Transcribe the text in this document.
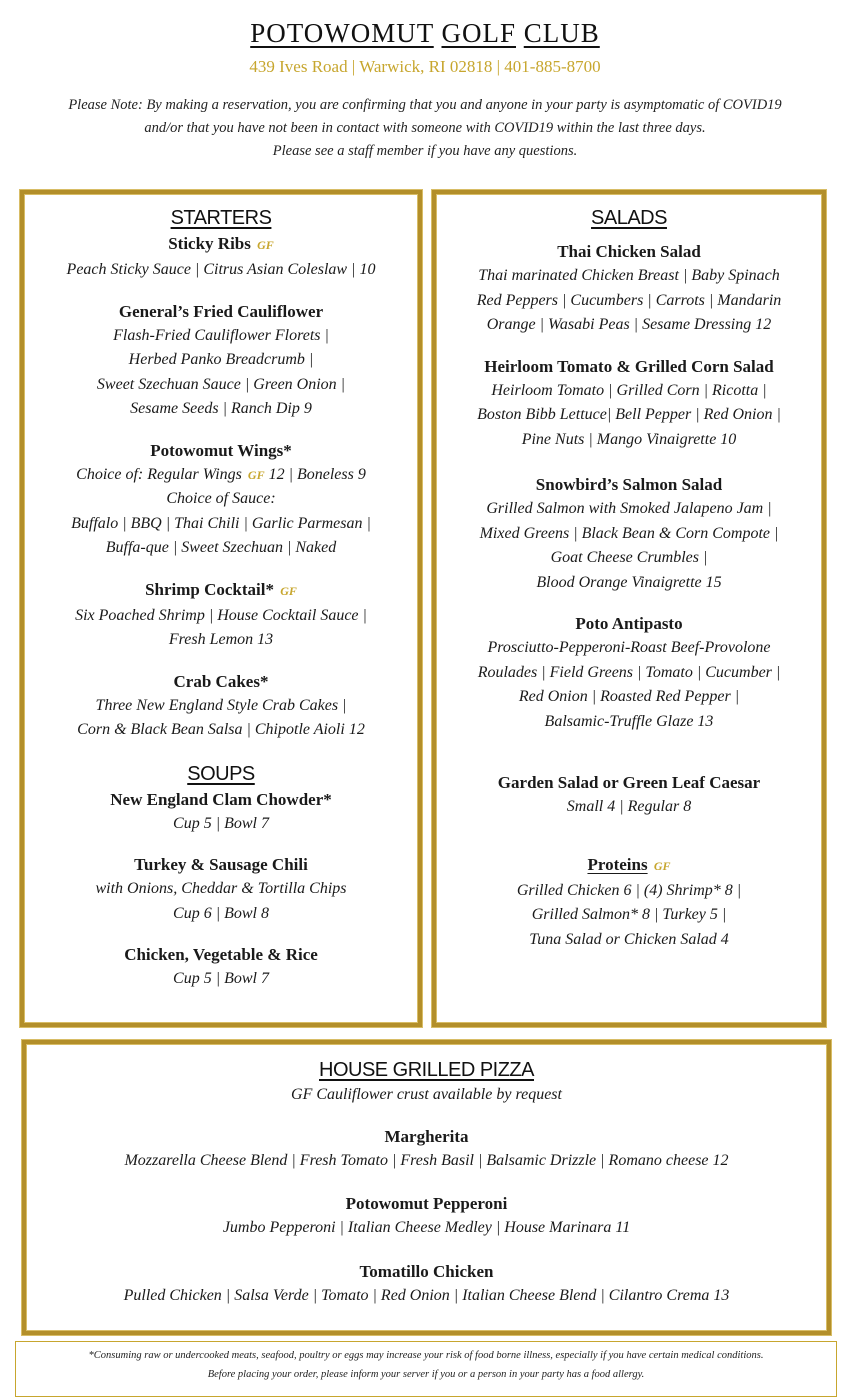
POTOWOMUT GOLF CLUB
439 Ives Road | Warwick, RI 02818 | 401-885-8700
Please Note: By making a reservation, you are confirming that you and anyone in your party is asymptomatic of COVID19
and/or that you have not been in contact with someone with COVID19 within the last three days.
Please see a staff member if you have any questions.
STARTERS
Sticky Ribs GF
Peach Sticky Sauce | Citrus Asian Coleslaw | 10
General’s Fried Cauliflower
Flash-Fried Cauliflower Florets |
Herbed Panko Breadcrumb |
Sweet Szechuan Sauce | Green Onion |
Sesame Seeds | Ranch Dip 9
Potowomut Wings*
Choice of: Regular Wings GF 12 | Boneless 9
Choice of Sauce:
Buffalo | BBQ | Thai Chili | Garlic Parmesan |
Buffa-que | Sweet Szechuan | Naked
Shrimp Cocktail* GF
Six Poached Shrimp | House Cocktail Sauce |
Fresh Lemon 13
Crab Cakes*
Three New England Style Crab Cakes |
Corn & Black Bean Salsa | Chipotle Aioli 12
SOUPS
New England Clam Chowder*
Cup 5 | Bowl 7
Turkey & Sausage Chili
with Onions, Cheddar & Tortilla Chips
Cup 6 | Bowl 8
Chicken, Vegetable & Rice
Cup 5 | Bowl 7
SALADS
Thai Chicken Salad
Thai marinated Chicken Breast | Baby Spinach
Red Peppers | Cucumbers | Carrots | Mandarin
Orange | Wasabi Peas | Sesame Dressing 12
Heirloom Tomato & Grilled Corn Salad
Heirloom Tomato | Grilled Corn | Ricotta |
Boston Bibb Lettuce| Bell Pepper | Red Onion |
Pine Nuts | Mango Vinaigrette 10
Snowbird’s Salmon Salad
Grilled Salmon with Smoked Jalapeno Jam |
Mixed Greens | Black Bean & Corn Compote |
Goat Cheese Crumbles |
Blood Orange Vinaigrette 15
Poto Antipasto
Prosciutto-Pepperoni-Roast Beef-Provolone
Roulades | Field Greens | Tomato | Cucumber |
Red Onion | Roasted Red Pepper |
Balsamic-Truffle Glaze 13
Garden Salad or Green Leaf Caesar
Small 4 | Regular 8
Proteins GF
Grilled Chicken 6 | (4) Shrimp* 8 |
Grilled Salmon* 8 | Turkey 5 |
Tuna Salad or Chicken Salad 4
HOUSE GRILLED PIZZA
GF Cauliflower crust available by request
Margherita
Mozzarella Cheese Blend | Fresh Tomato | Fresh Basil | Balsamic Drizzle | Romano cheese 12
Potowomut Pepperoni
Jumbo Pepperoni | Italian Cheese Medley | House Marinara 11
Tomatillo Chicken
Pulled Chicken | Salsa Verde | Tomato | Red Onion | Italian Cheese Blend | Cilantro Crema 13
*Consuming raw or undercooked meats, seafood, poultry or eggs may increase your risk of food borne illness, especially if you have certain medical conditions.
Before placing your order, please inform your server if you or a person in your party has a food allergy.
